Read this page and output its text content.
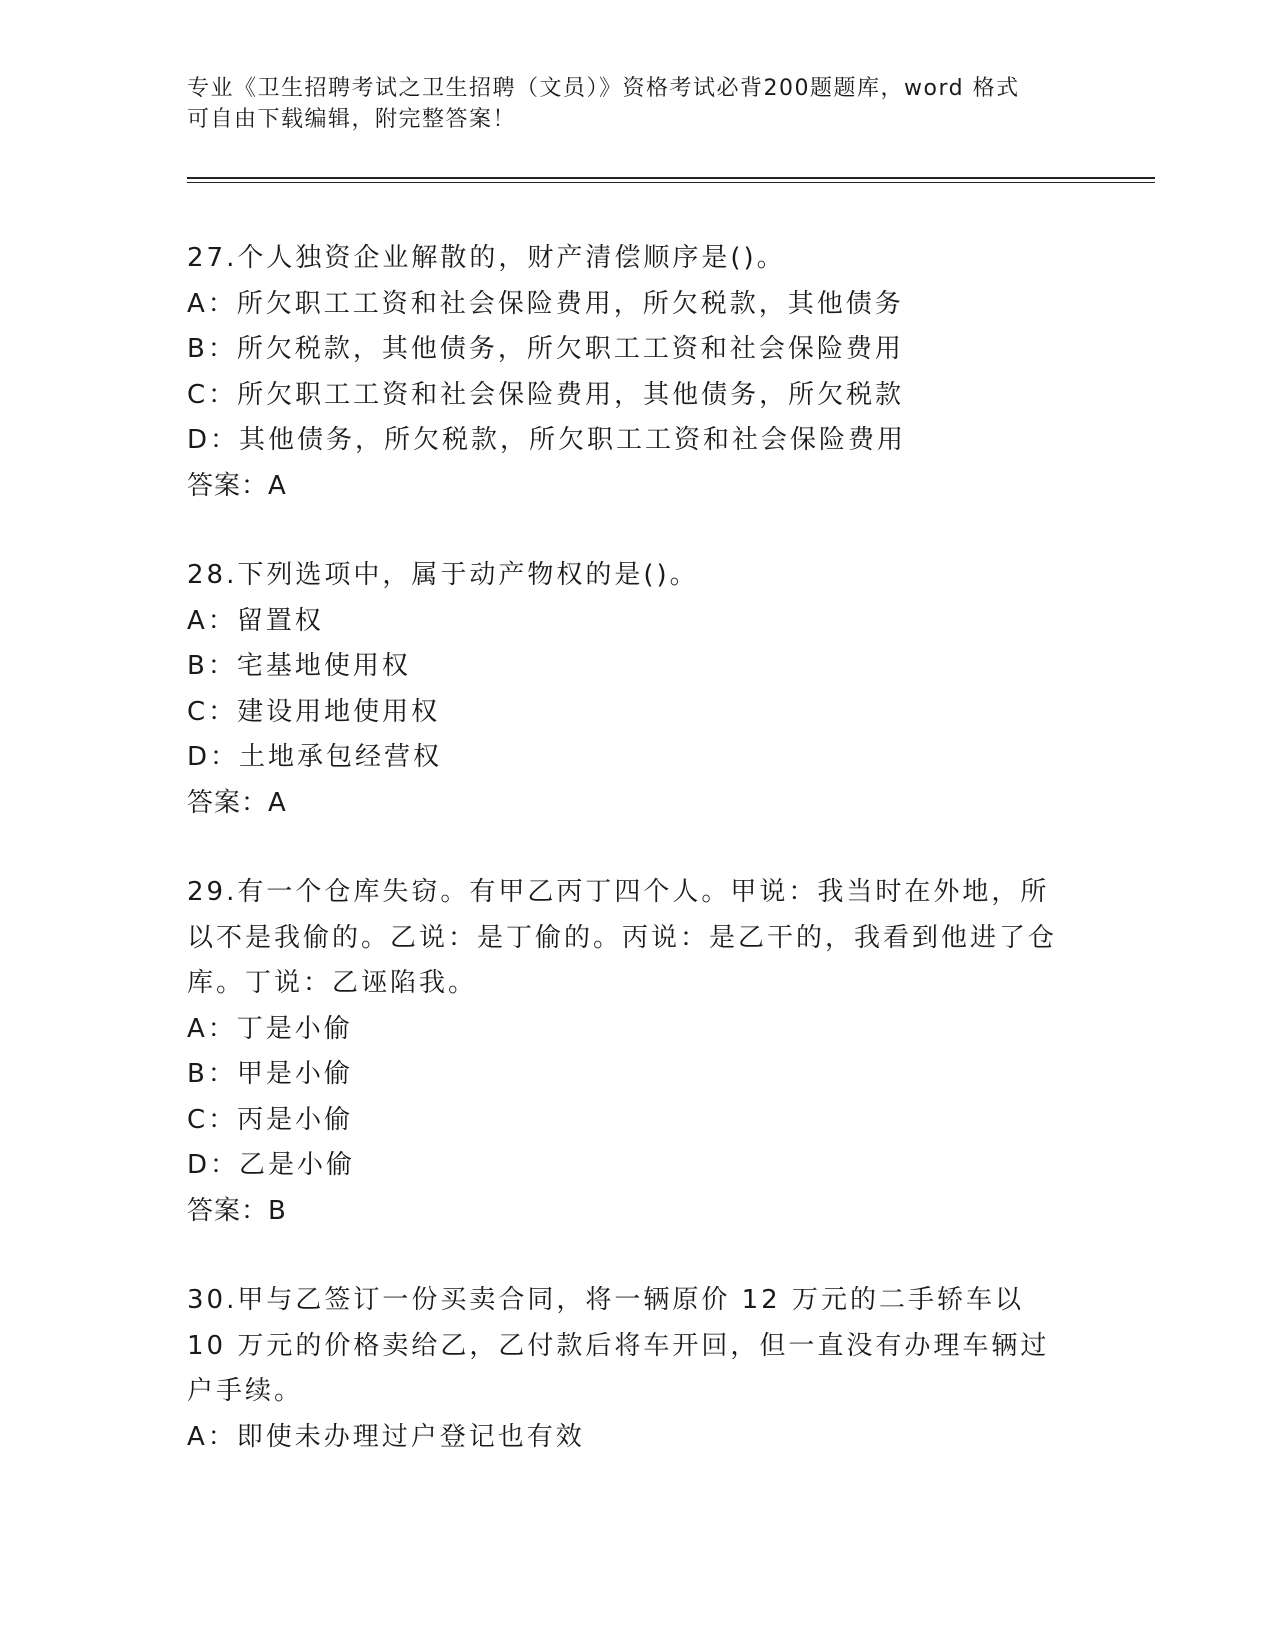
专业《卫生招聘考试之卫生招聘（文员）》资格考试必背200题题库，word 格式
可自由下载编辑，附完整答案！
27.个人独资企业解散的，财产清偿顺序是()。
A：所欠职工工资和社会保险费用，所欠税款，其他债务
B：所欠税款，其他债务，所欠职工工资和社会保险费用
C：所欠职工工资和社会保险费用，其他债务，所欠税款
D：其他债务，所欠税款，所欠职工工资和社会保险费用
答案：A
28.下列选项中，属于动产物权的是()。
A：留置权
B：宅基地使用权
C：建设用地使用权
D：土地承包经营权
答案：A
29.有一个仓库失窃。有甲乙丙丁四个人。甲说：我当时在外地，所以不是我偷的。乙说：是丁偷的。丙说：是乙干的，我看到他进了仓库。丁说：乙诬陷我。
A：丁是小偷
B：甲是小偷
C：丙是小偷
D：乙是小偷
答案：B
30.甲与乙签订一份买卖合同，将一辆原价 12 万元的二手轿车以 10 万元的价格卖给乙，乙付款后将车开回，但一直没有办理车辆过户手续。
A：即使未办理过户登记也有效
